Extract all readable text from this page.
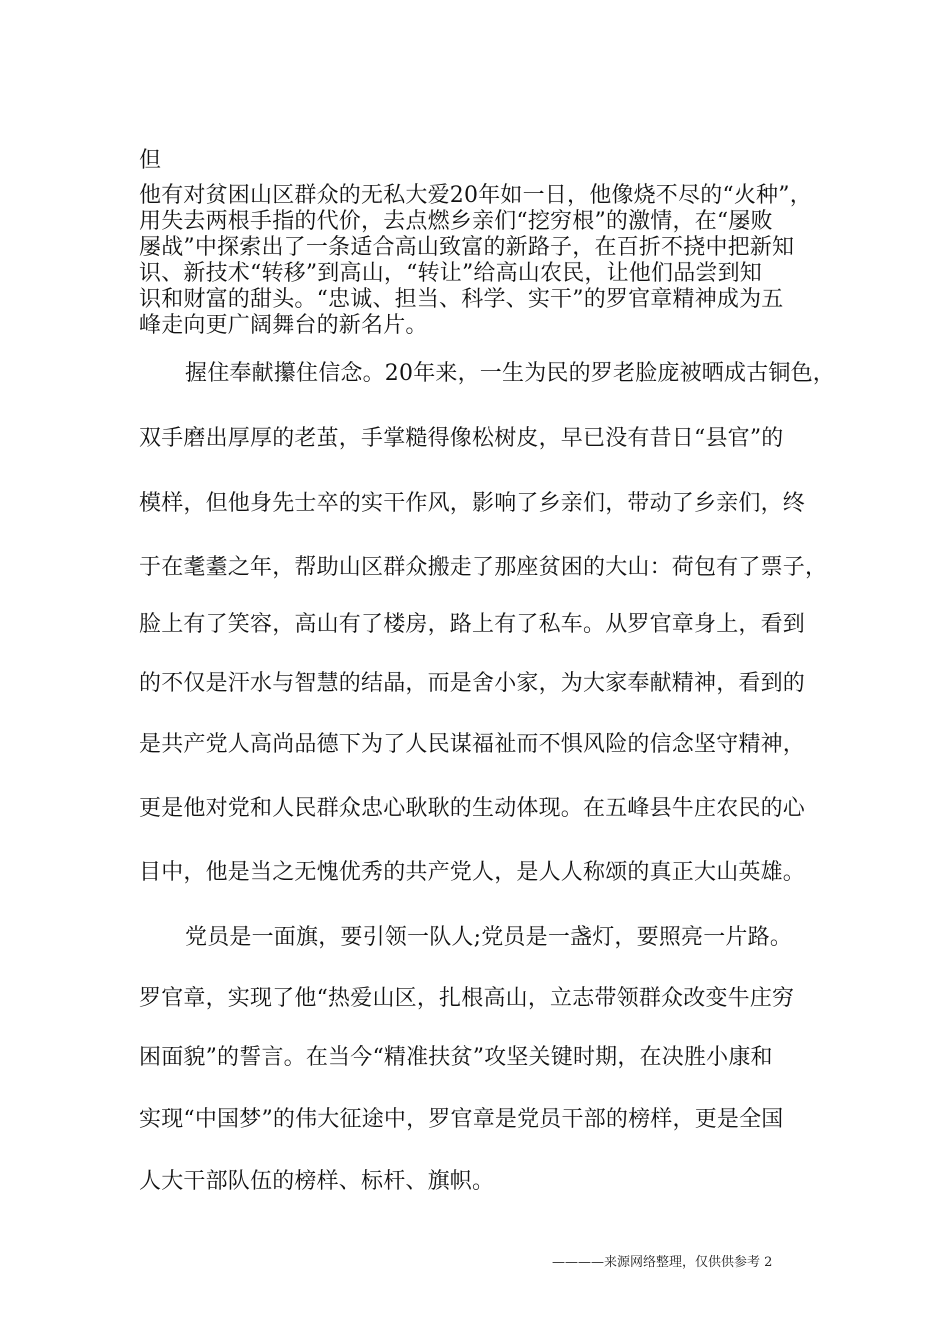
但
他有对贫困山区群众的无私大爱20年如一日，他像烧不尽的“火种”，
用失去两根手指的代价，去点燃乡亲们“挖穷根”的激情，在“屡败
屡战”中探索出了一条适合高山致富的新路子，在百折不挠中把新知
识、新技术“转移”到高山，“转让”给高山农民，让他们品尝到知
识和财富的甜头。“忠诚、担当、科学、实干”的罗官章精神成为五
峰走向更广阔舞台的新名片。
握住奉献攥住信念。20年来，一生为民的罗老脸庞被晒成古铜色，
双手磨出厚厚的老茧，手掌糙得像松树皮，早已没有昔日“县官”的
模样，但他身先士卒的实干作风，影响了乡亲们，带动了乡亲们，终
于在耄耋之年，帮助山区群众搬走了那座贫困的大山：荷包有了票子，
脸上有了笑容，高山有了楼房，路上有了私车。从罗官章身上，看到
的不仅是汗水与智慧的结晶，而是舍小家，为大家奉献精神，看到的
是共产党人高尚品德下为了人民谋福祉而不惧风险的信念坚守精神，
更是他对党和人民群众忠心耿耿的生动体现。在五峰县牛庄农民的心
目中，他是当之无愧优秀的共产党人，是人人称颂的真正大山英雄。
党员是一面旗，要引领一队人;党员是一盏灯，要照亮一片路。
罗官章，实现了他“热爱山区，扎根高山，立志带领群众改变牛庄穷
困面貌”的誓言。在当今“精准扶贫”攻坚关键时期，在决胜小康和
实现“中国梦”的伟大征途中，罗官章是党员干部的榜样，更是全国
人大干部队伍的榜样、标杆、旗帜。
————来源网络整理，仅供供参考 2
